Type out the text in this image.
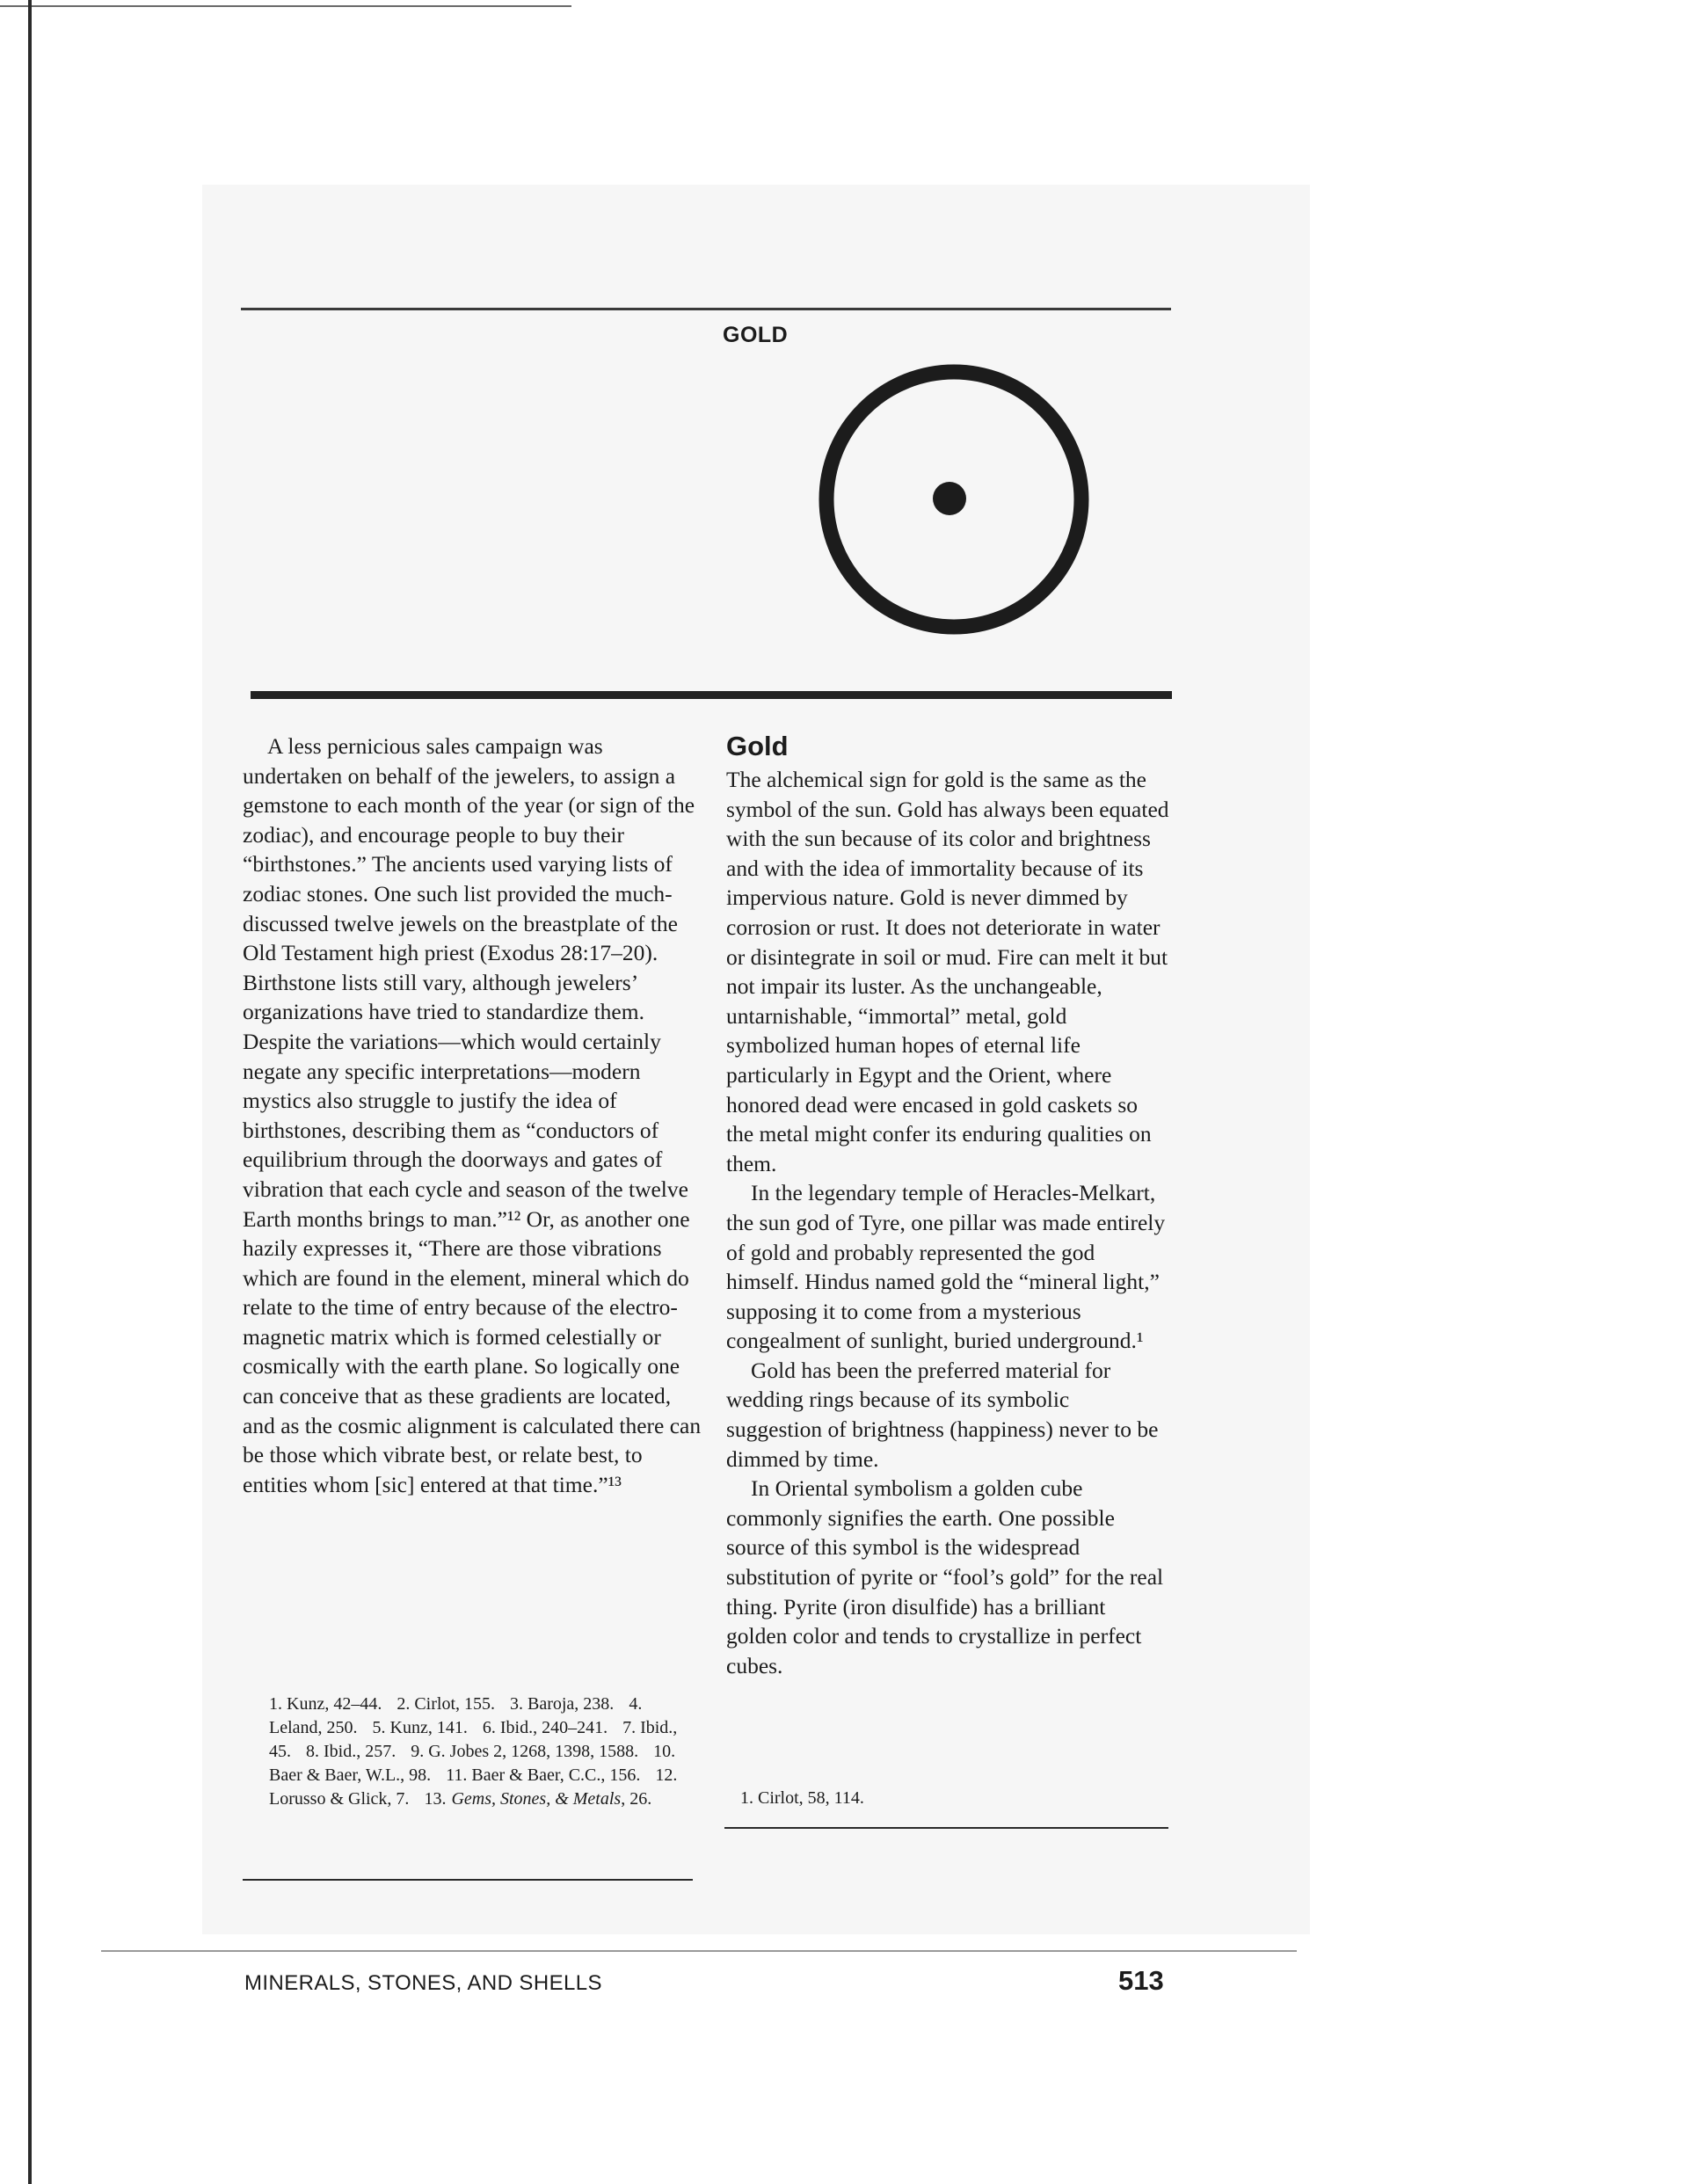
GOLD

A less pernicious sales campaign was undertaken on behalf of the jewelers, to assign a gemstone to each month of the year (or sign of the zodiac), and encourage people to buy their “birthstones.” The ancients used varying lists of zodiac stones. One such list provided the much-discussed twelve jewels on the breastplate of the Old Testament high priest (Exodus 28:17–20). Birthstone lists still vary, although jewelers’ organizations have tried to standardize them. Despite the variations—which would certainly negate any specific interpretations—modern mystics also struggle to justify the idea of birthstones, describing them as “conductors of equilibrium through the doorways and gates of vibration that each cycle and season of the twelve Earth months brings to man.”¹² Or, as another one hazily expresses it, “There are those vibrations which are found in the element, mineral which do relate to the time of entry because of the electro-magnetic matrix which is formed celestially or cosmically with the earth plane. So logically one can conceive that as these gradients are located, and as the cosmic alignment is calculated there can be those which vibrate best, or relate best, to entities whom [sic] entered at that time.”¹³

1. Kunz, 42–44. 2. Cirlot, 155. 3. Baroja, 238. 4. Leland, 250. 5. Kunz, 141. 6. Ibid., 240–241. 7. Ibid., 45. 8. Ibid., 257. 9. G. Jobes 2, 1268, 1398, 1588. 10. Baer & Baer, W.L., 98. 11. Baer & Baer, C.C., 156. 12. Lorusso & Glick, 7. 13. Gems, Stones, & Metals, 26.
Gold

The alchemical sign for gold is the same as the symbol of the sun. Gold has always been equated with the sun because of its color and brightness and with the idea of immortality because of its impervious nature. Gold is never dimmed by corrosion or rust. It does not deteriorate in water or disintegrate in soil or mud. Fire can melt it but not impair its luster. As the unchangeable, untarnishable, “immortal” metal, gold symbolized human hopes of eternal life particularly in Egypt and the Orient, where honored dead were encased in gold caskets so the metal might confer its enduring qualities on them.

In the legendary temple of Heracles-Melkart, the sun god of Tyre, one pillar was made entirely of gold and probably represented the god himself. Hindus named gold the “mineral light,” supposing it to come from a mysterious congealment of sunlight, buried underground.¹

Gold has been the preferred material for wedding rings because of its symbolic suggestion of brightness (happiness) never to be dimmed by time.

In Oriental symbolism a golden cube commonly signifies the earth. One possible source of this symbol is the widespread substitution of pyrite or “fool’s gold” for the real thing. Pyrite (iron disulfide) has a brilliant golden color and tends to crystallize in perfect cubes.

1. Cirlot, 58, 114.
MINERALS, STONES, AND SHELLS	513
